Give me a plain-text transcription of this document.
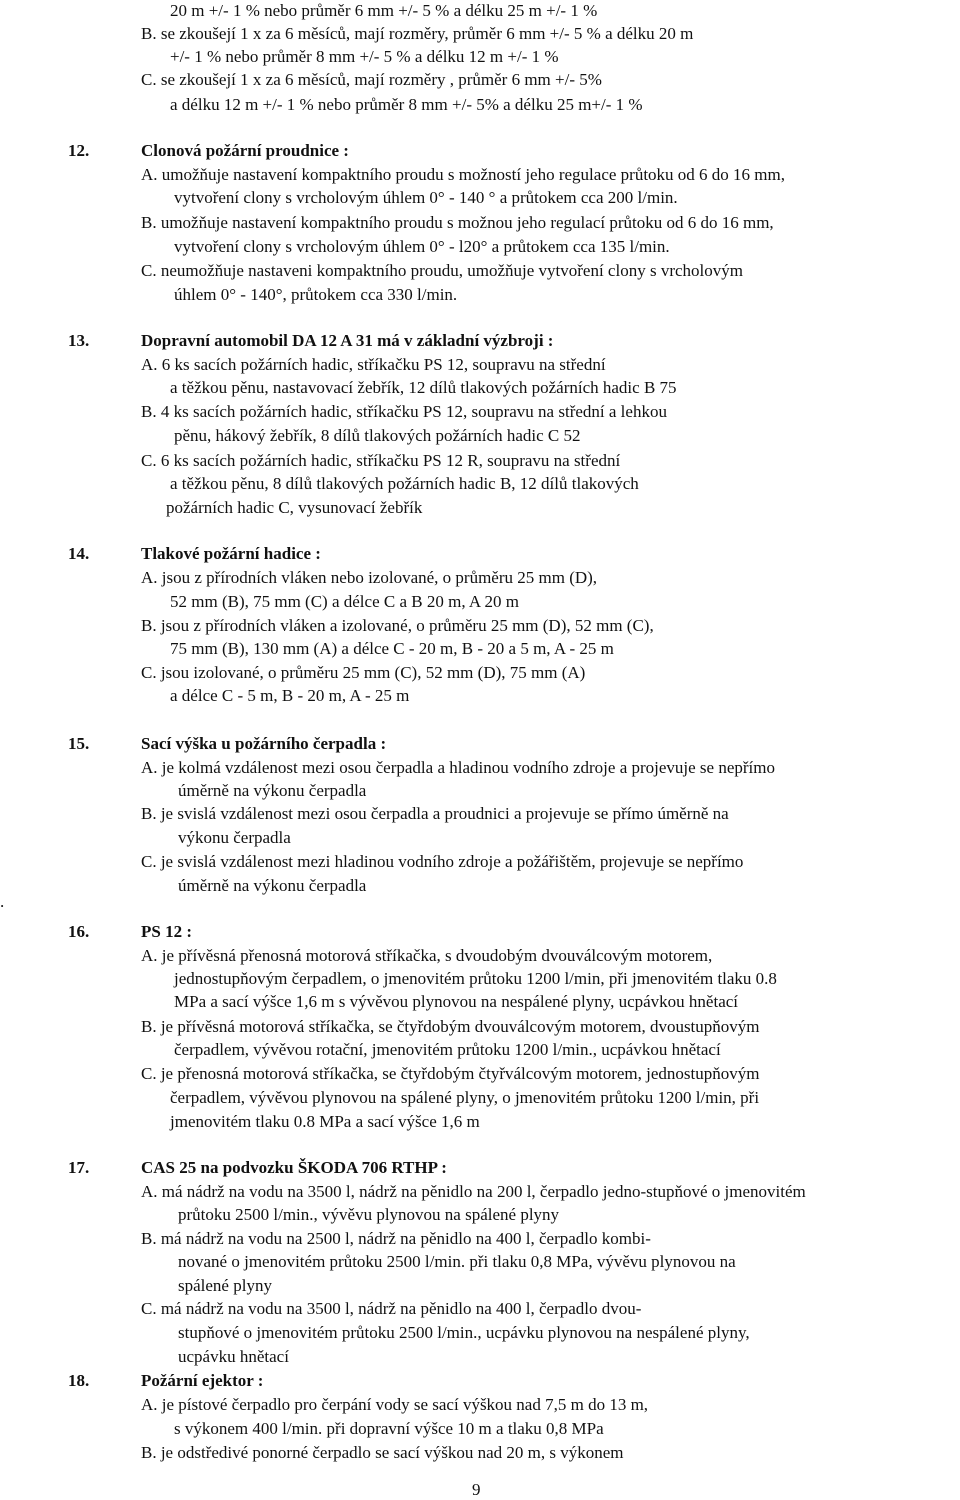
20 m +/- 1 % nebo průměr 6 mm +/- 5 % a délku 25 m +/- 1 %
B. se zkoušejí 1 x za 6 měsíců, mají rozměry, průměr 6 mm +/- 5 % a délku 20 m
+/- 1 % nebo průměr 8 mm +/- 5 % a délku 12 m +/- 1 %
C. se zkoušejí 1 x za 6 měsíců, mají rozměry , průměr 6 mm +/- 5%
a délku 12 m +/- 1 % nebo průměr 8 mm +/- 5% a délku 25 m+/- 1 %
12.	Clonová požární proudnice :
A. umožňuje nastavení kompaktního proudu s možností jeho regulace průtoku od 6 do 16 mm,
vytvoření clony s vrcholovým úhlem 0° - 140 ° a průtokem cca 200 l/min.
B. umožňuje nastavení kompaktního proudu s možnou jeho regulací průtoku od 6 do 16 mm,
vytvoření clony s vrcholovým úhlem 0° - l20° a průtokem cca 135 l/min.
C. neumožňuje nastaveni kompaktního proudu, umožňuje vytvoření clony s vrcholovým
úhlem 0° - 140°, průtokem cca 330 l/min.
13.	Dopravní automobil DA 12 A 31 má v základní výzbroji :
A. 6 ks sacích požárních hadic, stříkačku PS 12, soupravu na střední
a těžkou pěnu, nastavovací žebřík, 12 dílů tlakových požárních hadic B 75
B. 4 ks sacích požárních hadic, stříkačku PS 12, soupravu na střední a lehkou
pěnu, hákový žebřík, 8 dílů tlakových požárních hadic C 52
C. 6 ks sacích požárních hadic, stříkačku PS 12 R, soupravu na střední
a těžkou pěnu, 8 dílů tlakových požárních hadic B, 12 dílů tlakových
požárních hadic C, vysunovací žebřík
14.	Tlakové požární hadice :
A. jsou z přírodních vláken nebo izolované, o průměru 25 mm (D),
52 mm (B), 75 mm (C) a délce C a B 20 m, A 20 m
B. jsou z přírodních vláken a izolované, o průměru 25 mm (D), 52 mm (C),
75 mm (B), 130 mm (A) a délce C - 20 m, B - 20 a 5 m, A - 25 m
C. jsou izolované, o průměru 25 mm (C), 52 mm (D), 75 mm (A)
a délce C - 5 m, B - 20 m, A - 25 m
15.	Sací výška u požárního čerpadla :
A. je kolmá vzdálenost mezi osou čerpadla a hladinou vodního zdroje a projevuje se nepřímo
úměrně na výkonu čerpadla
B. je svislá vzdálenost mezi osou čerpadla a proudnici a projevuje se přímo úměrně na
výkonu čerpadla
C. je svislá vzdálenost mezi hladinou vodního zdroje a požářištěm, projevuje se nepřímo
úměrně na výkonu čerpadla
.
16.	PS 12 :
A. je přívěsná přenosná motorová stříkačka, s dvoudobým dvouválcovým motorem,
jednostupňovým čerpadlem, o jmenovitém průtoku 1200 l/min, při jmenovitém tlaku 0.8
MPa a sací výšce 1,6 m s vývěvou plynovou na nespálené plyny, ucpávkou hnětací
B. je přívěsná motorová stříkačka, se čtyřdobým dvouválcovým motorem, dvoustupňovým
čerpadlem, vývěvou rotační, jmenovitém průtoku 1200 l/min., ucpávkou hnětací
C. je přenosná motorová stříkačka, se čtyřdobým čtyřválcovým motorem, jednostupňovým
čerpadlem, vývěvou plynovou na spálené plyny, o jmenovitém průtoku 1200 l/min, při
jmenovitém tlaku 0.8 MPa a sací výšce 1,6 m
17.	CAS 25 na podvozku ŠKODA 706 RTHP :
A. má nádrž na vodu na 3500 l, nádrž na pěnidlo na 200 l, čerpadlo jedno-stupňové o jmenovitém
průtoku 2500 l/min., vývěvu plynovou na spálené plyny
B. má nádrž na vodu na 2500 l, nádrž na pěnidlo na 400 l, čerpadlo kombi-
nované o jmenovitém průtoku 2500 l/min. při tlaku 0,8 MPa, vývěvu plynovou na
spálené plyny
C. má nádrž na vodu na 3500 l, nádrž na pěnidlo na 400 l, čerpadlo dvou-
stupňové o jmenovitém průtoku 2500 l/min., ucpávku plynovou na nespálené plyny,
ucpávku hnětací
18.	Požární ejektor :
A. je pístové čerpadlo pro čerpání vody se sací výškou nad 7,5 m do 13 m,
s výkonem 400 l/min. při dopravní výšce 10 m a tlaku 0,8 MPa
B. je odstředivé ponorné čerpadlo se sací výškou nad 20 m, s výkonem
9
